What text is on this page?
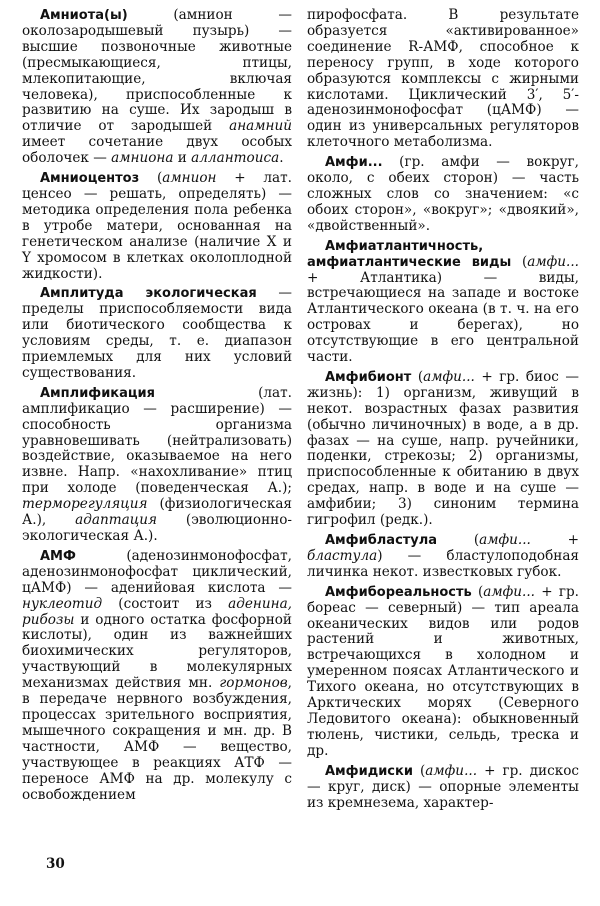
Амниота(ы) (амнион — околозародышевый пузырь) — высшие позвоночные животные (пресмыкающиеся, птицы, млекопитающие, включая человека), приспособленные к развитию на суше. Их зародыш в отличие от зародышей анамний имеет сочетание двух особых оболочек — амниона и аллантоиса.

Амниоцентоз (амнион + лат. ценсео — решать, определять) — методика определения пола ребенка в утробе матери, основанная на генетическом анализе (наличие X и Y хромосом в клетках околоплодной жидкости).

Амплитуда экологическая — пределы приспособляемости вида или биотического сообщества к условиям среды, т. е. диапазон приемлемых для них условий существования.

Амплификация (лат. амплификацио — расширение) — способность организма уравновешивать (нейтрализовать) воздействие, оказываемое на него извне. Напр. «нахохливание» птиц при холоде (поведенческая А.); терморегуляция (физиологическая А.), адаптация (эволюционно-экологическая А.).

АМФ (аденозинмонофосфат, аденозинмонофосфат циклический, цАМФ) — аденийовая кислота — нуклеотид (состоит из аденина, рибозы и одного остатка фосфорной кислоты), один из важнейших биохимических регуляторов, участвующий в молекулярных механизмах действия мн. гормонов, в передаче нервного возбуждения, процессах зрительного восприятия, мышечного сокращения и мн. др. В частности, АМФ — вещество, участвующее в реакциях АТФ — переносе АМФ на др. молекулу с освобождением

пирофосфата. В результате образуется «активированное» соединение R-АМФ, способное к переносу групп, в ходе которого образуются комплексы с жирными кислотами. Циклический 3′, 5′-аденозинмонофосфат (цАМФ) — один из универсальных регуляторов клеточного метаболизма.

Амфи... (гр. амфи — вокруг, около, с обеих сторон) — часть сложных слов со значением: «с обоих сторон», «вокруг»; «двоякий», «двойственный».

Амфиатлантичность, амфиатлантические виды (амфи... + Атлантика) — виды, встречающиеся на западе и востоке Атлантического океана (в т. ч. на его островах и берегах), но отсутствующие в его центральной части.

Амфибионт (амфи... + гр. биос — жизнь): 1) организм, живущий в некот. возрастных фазах развития (обычно личиночных) в воде, а в др. фазах — на суше, напр. ручейники, поденки, стрекозы; 2) организмы, приспособленные к обитанию в двух средах, напр. в воде и на суше — амфибии; 3) синоним термина гигрофил (редк.).

Амфибластула (амфи... + бластула) — бластулоподобная личинка некот. известковых губок.

Амфибореальность (амфи... + гр. бореас — северный) — тип ареала океанических видов или родов растений и животных, встречающихся в холодном и умеренном поясах Атлантического и Тихого океана, но отсутствующих в Арктических морях (Северного Ледовитого океана): обыкновенный тюлень, чистики, сельдь, треска и др.

Амфидиски (амфи... + гр. дискос — круг, диск) — опорные элементы из кремнезема, характер-

30
